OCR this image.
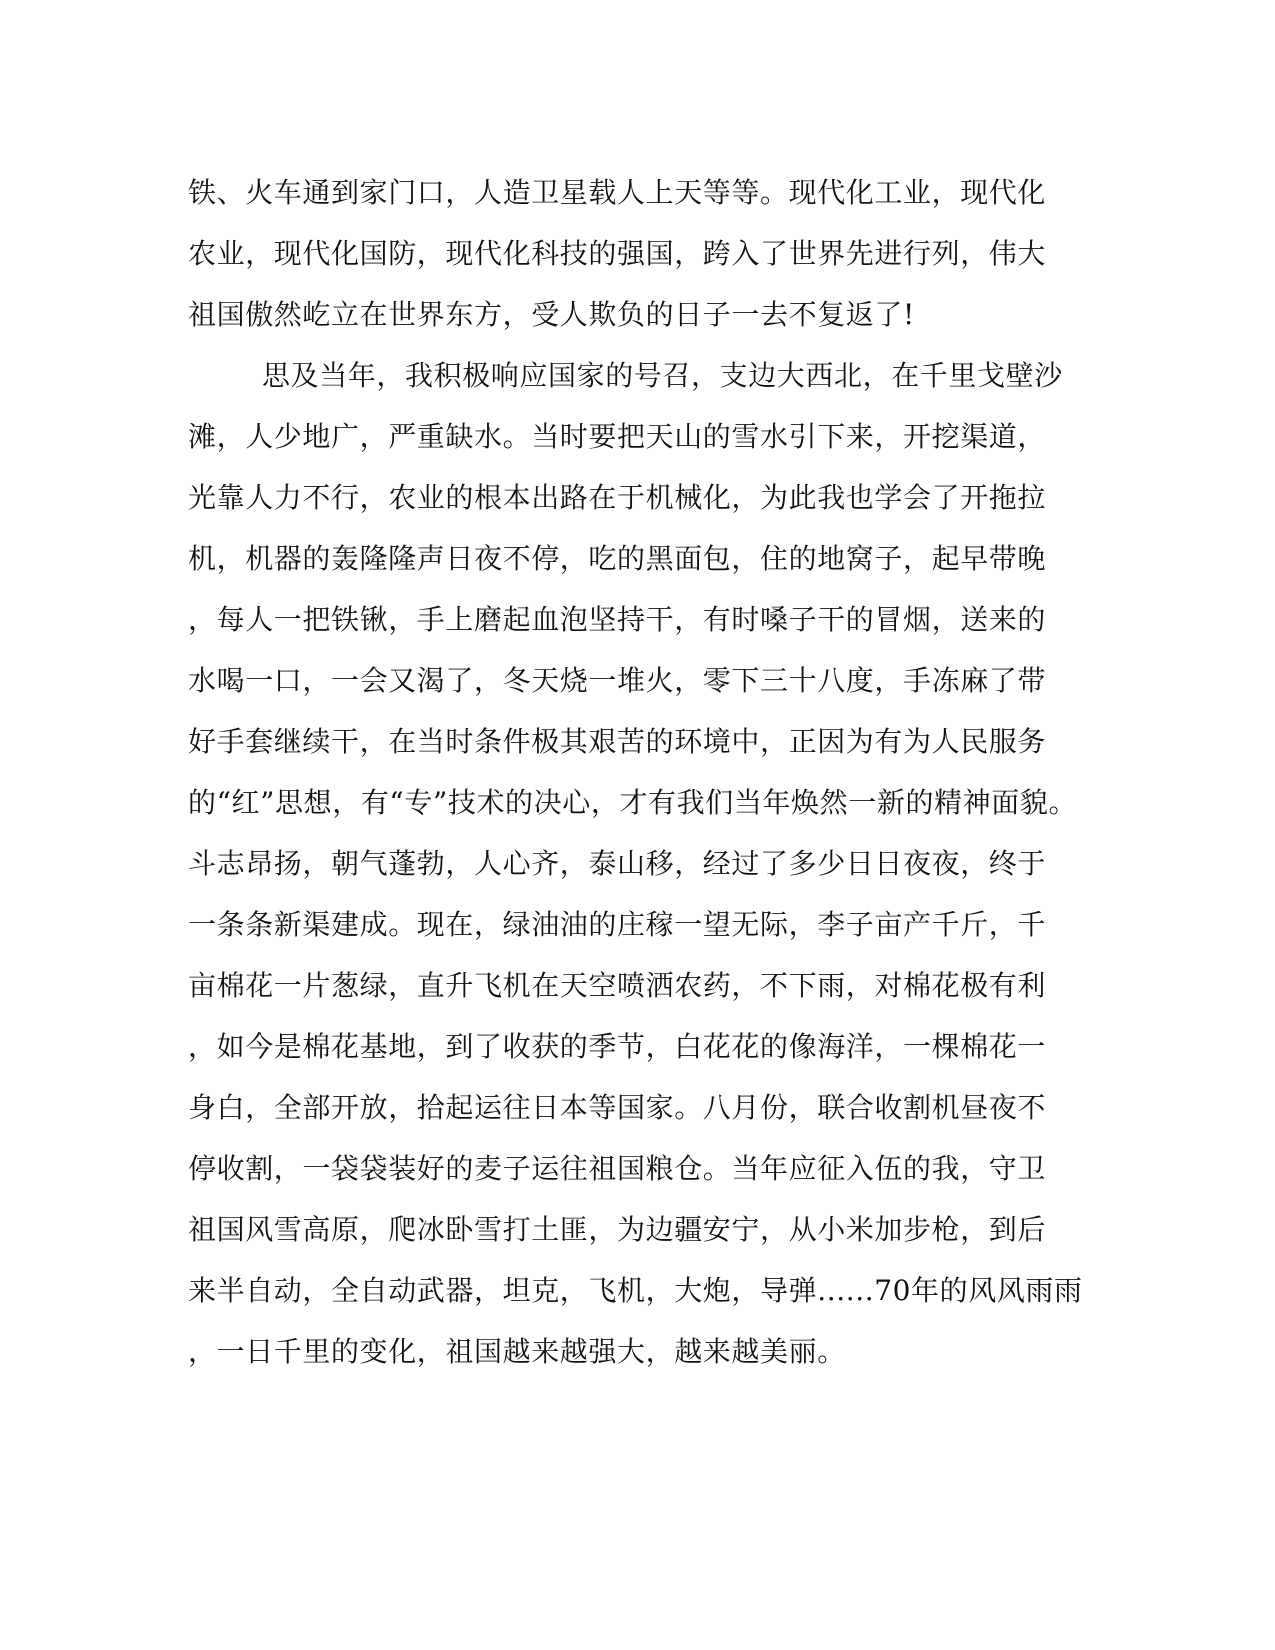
铁、火车通到家门口，人造卫星载人上天等等。现代化工业，现代化
农业，现代化国防，现代化科技的强国，跨入了世界先进行列，伟大
祖国傲然屹立在世界东方，受人欺负的日子一去不复返了!
思及当年，我积极响应国家的号召，支边大西北，在千里戈壁沙
滩，人少地广，严重缺水。当时要把天山的雪水引下来，开挖渠道，
光靠人力不行，农业的根本出路在于机械化，为此我也学会了开拖拉
机，机器的轰隆隆声日夜不停，吃的黑面包，住的地窝子，起早带晚
，每人一把铁锹，手上磨起血泡坚持干，有时嗓子干的冒烟，送来的
水喝一口，一会又渴了，冬天烧一堆火，零下三十八度，手冻麻了带
好手套继续干，在当时条件极其艰苦的环境中，正因为有为人民服务
的“红”思想，有“专”技术的决心，才有我们当年焕然一新的精神面貌。
斗志昂扬，朝气蓬勃，人心齐，泰山移，经过了多少日日夜夜，终于
一条条新渠建成。现在，绿油油的庄稼一望无际，李子亩产千斤，千
亩棉花一片葱绿，直升飞机在天空喷洒农药，不下雨，对棉花极有利
，如今是棉花基地，到了收获的季节，白花花的像海洋，一棵棉花一
身白，全部开放，拾起运往日本等国家。八月份，联合收割机昼夜不
停收割，一袋袋装好的麦子运往祖国粮仓。当年应征入伍的我，守卫
祖国风雪高原，爬冰卧雪打土匪，为边疆安宁，从小米加步枪，到后
来半自动，全自动武器，坦克，飞机，大炮，导弹......70年的风风雨雨
，一日千里的变化，祖国越来越强大，越来越美丽。
